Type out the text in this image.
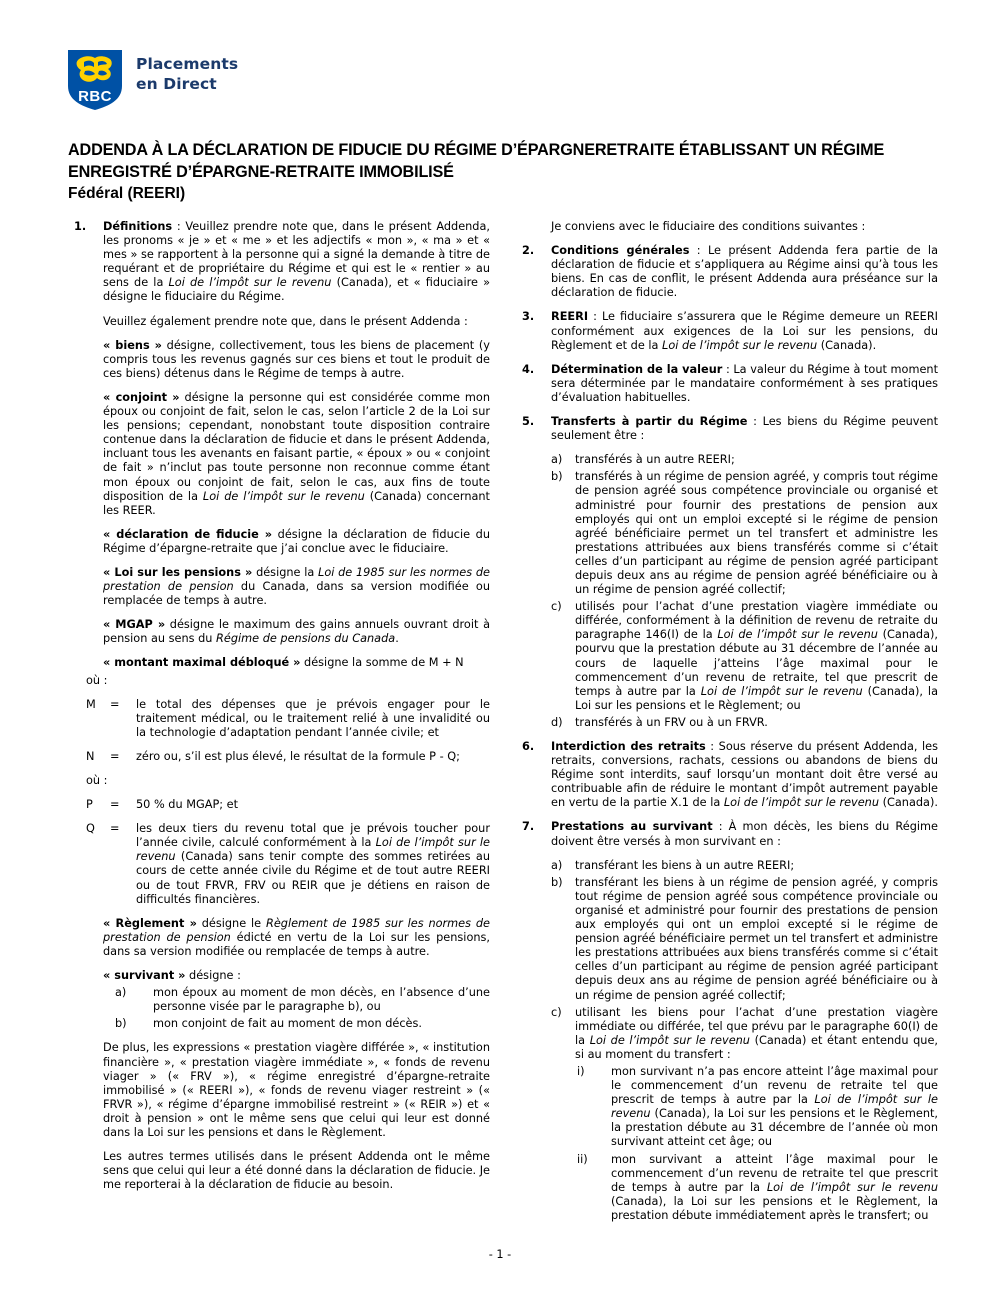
RBC
Placements
en Direct
ADDENDA À LA DÉCLARATION DE FIDUCIE DU RÉGIME D’ÉPARGNERETRAITE ÉTABLISSANT UN RÉGIME ENREGISTRÉ D’ÉPARGNE-RETRAITE IMMOBILISÉ
Fédéral (REERI)
1. Définitions : Veuillez prendre note que, dans le présent Addenda, les pronoms « je » et « me » et les adjectifs « mon », « ma » et « mes » se rapportent à la personne qui a signé la demande à titre de requérant et de propriétaire du Régime et qui est le « rentier » au sens de la Loi de l’impôt sur le revenu (Canada), et « fiduciaire » désigne le fiduciaire du Régime.
Veuillez également prendre note que, dans le présent Addenda :
« biens » désigne, collectivement, tous les biens de placement (y compris tous les revenus gagnés sur ces biens et tout le produit de ces biens) détenus dans le Régime de temps à autre.
« conjoint » désigne la personne qui est considérée comme mon époux ou conjoint de fait, selon le cas, selon l’article 2 de la Loi sur les pensions; cependant, nonobstant toute disposition contraire contenue dans la déclaration de fiducie et dans le présent Addenda, incluant tous les avenants en faisant partie, « époux » ou « conjoint de fait » n’inclut pas toute personne non reconnue comme étant mon époux ou conjoint de fait, selon le cas, aux fins de toute disposition de la Loi de l’impôt sur le revenu (Canada) concernant les REER.
« déclaration de fiducie » désigne la déclaration de fiducie du Régime d’épargne-retraite que j’ai conclue avec le fiduciaire.
« Loi sur les pensions » désigne la Loi de 1985 sur les normes de prestation de pension du Canada, dans sa version modifiée ou remplacée de temps à autre.
« MGAP » désigne le maximum des gains annuels ouvrant droit à pension au sens du Régime de pensions du Canada.
« montant maximal débloqué » désigne la somme de M + N
où :
M = le total des dépenses que je prévois engager pour le traitement médical, ou le traitement relié à une invalidité ou la technologie d’adaptation pendant l’année civile; et
N = zéro ou, s’il est plus élevé, le résultat de la formule P - Q;
où :
P = 50 % du MGAP; et
Q = les deux tiers du revenu total que je prévois toucher pour l’année civile, calculé conformément à la Loi de l’impôt sur le revenu (Canada) sans tenir compte des sommes retirées au cours de cette année civile du Régime et de tout autre REERI ou de tout FRVR, FRV ou REIR que je détiens en raison de difficultés financières.
« Règlement » désigne le Règlement de 1985 sur les normes de prestation de pension édicté en vertu de la Loi sur les pensions, dans sa version modifiée ou remplacée de temps à autre.
« survivant » désigne :
a) mon époux au moment de mon décès, en l’absence d’une personne visée par le paragraphe b), ou
b) mon conjoint de fait au moment de mon décès.
De plus, les expressions « prestation viagère différée », « institution financière », « prestation viagère immédiate », « fonds de revenu viager » (« FRV »), « régime enregistré d’épargne-retraite immobilisé » (« REERI »), « fonds de revenu viager restreint » (« FRVR »), « régime d’épargne immobilisé restreint » (« REIR ») et « droit à pension » ont le même sens que celui qui leur est donné dans la Loi sur les pensions et dans le Règlement.
Les autres termes utilisés dans le présent Addenda ont le même sens que celui qui leur a été donné dans la déclaration de fiducie. Je me reporterai à la déclaration de fiducie au besoin.
Je conviens avec le fiduciaire des conditions suivantes :
2. Conditions générales : Le présent Addenda fera partie de la déclaration de fiducie et s’appliquera au Régime ainsi qu’à tous les biens. En cas de conflit, le présent Addenda aura préséance sur la déclaration de fiducie.
3. REERI : Le fiduciaire s’assurera que le Régime demeure un REERI conformément aux exigences de la Loi sur les pensions, du Règlement et de la Loi de l’impôt sur le revenu (Canada).
4. Détermination de la valeur : La valeur du Régime à tout moment sera déterminée par le mandataire conformément à ses pratiques d’évaluation habituelles.
5. Transferts à partir du Régime : Les biens du Régime peuvent seulement être :
a) transférés à un autre REERI;
b) transférés à un régime de pension agréé, y compris tout régime de pension agréé sous compétence provinciale ou organisé et administré pour fournir des prestations de pension aux employés qui ont un emploi excepté si le régime de pension agréé bénéficiaire permet un tel transfert et administre les prestations attribuées aux biens transférés comme si c’était celles d’un participant au régime de pension agréé participant depuis deux ans au régime de pension agréé bénéficiaire ou à un régime de pension agréé collectif;
c) utilisés pour l’achat d’une prestation viagère immédiate ou différée, conformément à la définition de revenu de retraite du paragraphe 146(I) de la Loi de l’impôt sur le revenu (Canada), pourvu que la prestation débute au 31 décembre de l’année au cours de laquelle j’atteins l’âge maximal pour le commencement d’un revenu de retraite, tel que prescrit de temps à autre par la Loi de l’impôt sur le revenu (Canada), la Loi sur les pensions et le Règlement; ou
d) transférés à un FRV ou à un FRVR.
6. Interdiction des retraits : Sous réserve du présent Addenda, les retraits, conversions, rachats, cessions ou abandons de biens du Régime sont interdits, sauf lorsqu’un montant doit être versé au contribuable afin de réduire le montant d’impôt autrement payable en vertu de la partie X.1 de la Loi de l’impôt sur le revenu (Canada).
7. Prestations au survivant : À mon décès, les biens du Régime doivent être versés à mon survivant en :
a) transférant les biens à un autre REERI;
b) transférant les biens à un régime de pension agréé, y compris tout régime de pension agréé sous compétence provinciale ou organisé et administré pour fournir des prestations de pension aux employés qui ont un emploi excepté si le régime de pension agréé bénéficiaire permet un tel transfert et administre les prestations attribuées aux biens transférés comme si c’était celles d’un participant au régime de pension agréé participant depuis deux ans au régime de pension agréé bénéficiaire ou à un régime de pension agréé collectif;
c) utilisant les biens pour l’achat d’une prestation viagère immédiate ou différée, tel que prévu par le paragraphe 60(I) de la Loi de l’impôt sur le revenu (Canada) et étant entendu que, si au moment du transfert :
i) mon survivant n’a pas encore atteint l’âge maximal pour le commencement d’un revenu de retraite tel que prescrit de temps à autre par la Loi de l’impôt sur le revenu (Canada), la Loi sur les pensions et le Règlement, la prestation débute au 31 décembre de l’année où mon survivant atteint cet âge; ou
ii) mon survivant a atteint l’âge maximal pour le commencement d’un revenu de retraite tel que prescrit de temps à autre par la Loi de l’impôt sur le revenu (Canada), la Loi sur les pensions et le Règlement, la prestation débute immédiatement après le transfert; ou
- 1 -
